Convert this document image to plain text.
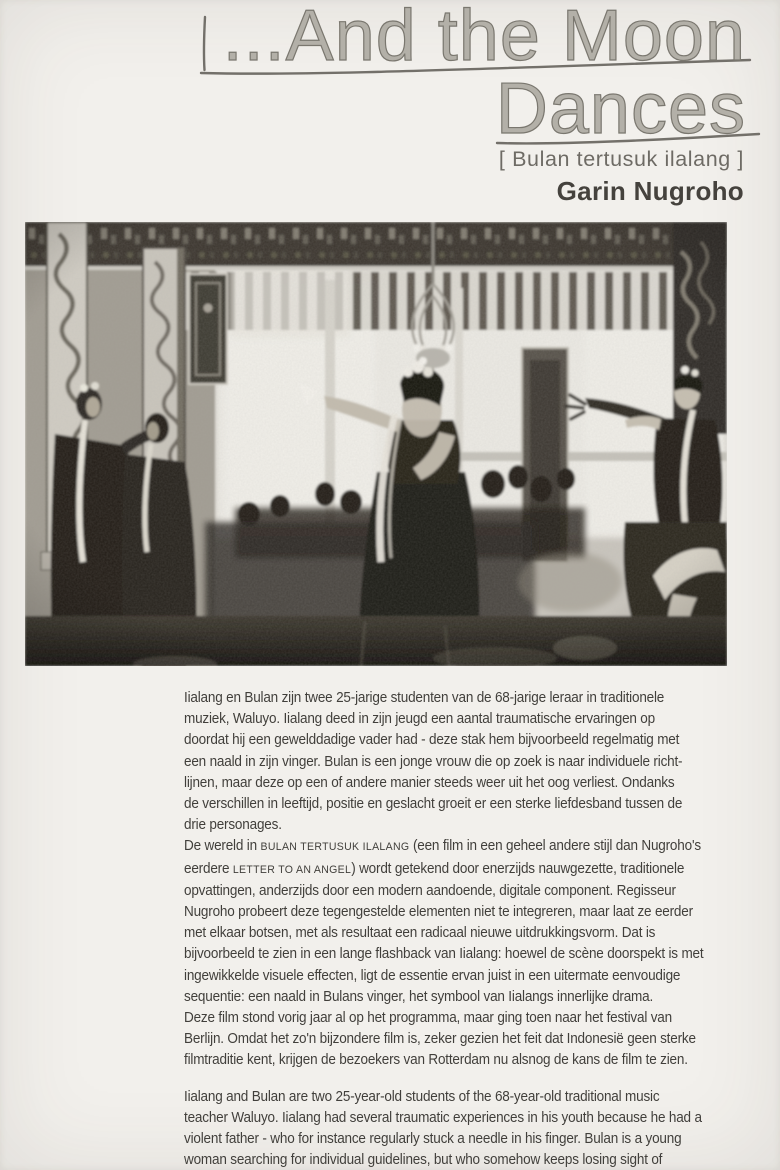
...And the Moon
Dances
[ Bulan tertusuk ilalang ]
Garin Nugroho

Iialang en Bulan zijn twee 25-jarige studenten van de 68-jarige leraar in traditionele
muziek, Waluyo. Iialang deed in zijn jeugd een aantal traumatische ervaringen op
doordat hij een gewelddadige vader had - deze stak hem bijvoorbeeld regelmatig met
een naald in zijn vinger. Bulan is een jonge vrouw die op zoek is naar individuele richt-
lijnen, maar deze op een of andere manier steeds weer uit het oog verliest. Ondanks
de verschillen in leeftijd, positie en geslacht groeit er een sterke liefdesband tussen de
drie personages.

De wereld in BULAN TERTUSUK ILALANG (een film in een geheel andere stijl dan Nugroho's
eerdere LETTER TO AN ANGEL) wordt getekend door enerzijds nauwgezette, traditionele
opvattingen, anderzijds door een modern aandoende, digitale component. Regisseur
Nugroho probeert deze tegengestelde elementen niet te integreren, maar laat ze eerder
met elkaar botsen, met als resultaat een radicaal nieuwe uitdrukkingsvorm. Dat is
bijvoorbeeld te zien in een lange flashback van Iialang: hoewel de scène doorspekt is met
ingewikkelde visuele effecten, ligt de essentie ervan juist in een uitermate eenvoudige
sequentie: een naald in Bulans vinger, het symbool van Iialangs innerlijke drama.
Deze film stond vorig jaar al op het programma, maar ging toen naar het festival van
Berlijn. Omdat het zo'n bijzondere film is, zeker gezien het feit dat Indonesië geen sterke
filmtraditie kent, krijgen de bezoekers van Rotterdam nu alsnog de kans de film te zien.

Iialang and Bulan are two 25-year-old students of the 68-year-old traditional music
teacher Waluyo. Iialang had several traumatic experiences in his youth because he had a
violent father - who for instance regularly stuck a needle in his finger. Bulan is a young
woman searching for individual guidelines, but who somehow keeps losing sight of
